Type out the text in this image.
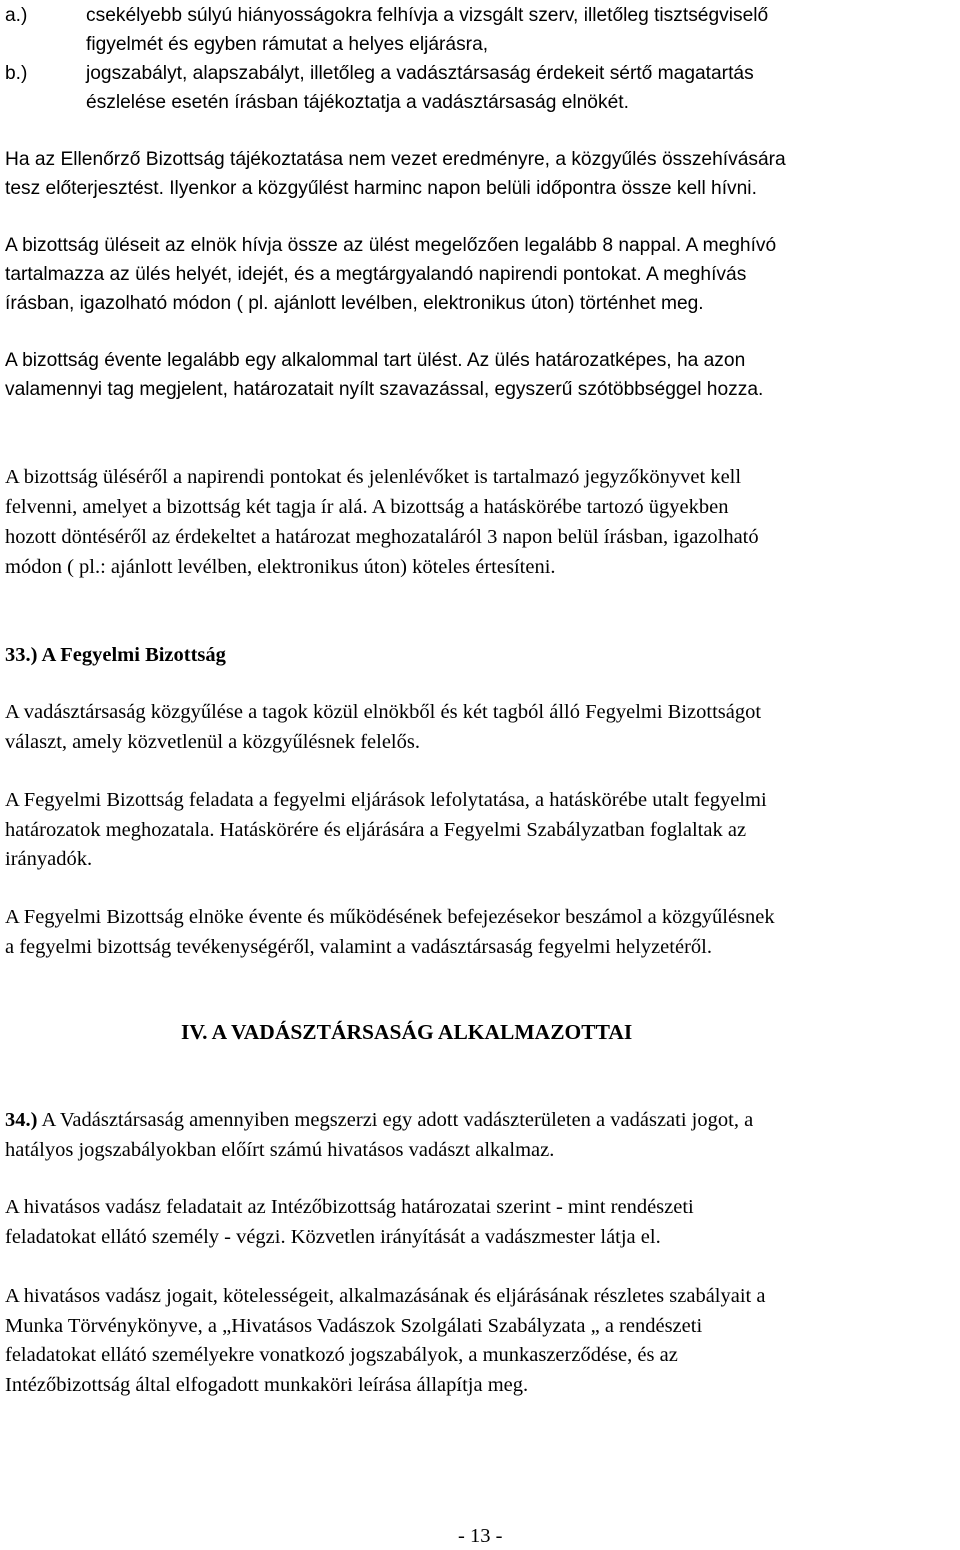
a.)	csekélyebb súlyú hiányosságokra felhívja a vizsgált szerv, illetőleg tisztségviselő
figyelmét és egyben rámutat a helyes eljárásra,
b.)	jogszabályt, alapszabályt, illetőleg a vadásztársaság érdekeit sértő magatartás
észlelése esetén írásban tájékoztatja a vadásztársaság elnökét.
Ha az Ellenőrző Bizottság tájékoztatása nem vezet eredményre, a közgyűlés összehívására
tesz előterjesztést. Ilyenkor a közgyűlést harminc napon belüli időpontra össze kell hívni.
A bizottság üléseit az elnök hívja össze az ülést megelőzően legalább 8 nappal. A meghívó
tartalmazza az ülés helyét, idejét, és a megtárgyalandó napirendi pontokat. A meghívás
írásban, igazolható módon ( pl. ajánlott levélben, elektronikus úton) történhet meg.
A bizottság évente legalább egy alkalommal tart ülést. Az ülés határozatképes, ha azon
valamennyi tag megjelent, határozatait nyílt szavazással, egyszerű szótöbbséggel hozza.
A bizottság üléséről a napirendi pontokat és jelenlévőket is tartalmazó jegyzőkönyvet kell
felvenni, amelyet a bizottság két tagja ír alá. A bizottság a hatáskörébe tartozó ügyekben
hozott döntéséről az érdekeltet a határozat meghozataláról 3 napon belül írásban, igazolható
módon ( pl.: ajánlott levélben, elektronikus úton) köteles értesíteni.
33.) A Fegyelmi Bizottság
A vadásztársaság közgyűlése a tagok közül elnökből és két tagból álló Fegyelmi Bizottságot
választ, amely közvetlenül a közgyűlésnek felelős.
A Fegyelmi Bizottság feladata a fegyelmi eljárások lefolytatása, a hatáskörébe utalt fegyelmi
határozatok meghozatala. Hatáskörére és eljárására a Fegyelmi Szabályzatban foglaltak az
irányadók.
A Fegyelmi Bizottság elnöke évente és működésének befejezésekor beszámol a közgyűlésnek
a fegyelmi bizottság tevékenységéről, valamint a vadásztársaság fegyelmi helyzetéről.
IV. A VADÁSZTÁRSASÁG ALKALMAZOTTAI
34.) A Vadásztársaság amennyiben megszerzi egy adott vadászterületen a vadászati jogot, a
hatályos jogszabályokban előírt számú hivatásos vadászt alkalmaz.
A hivatásos vadász feladatait az Intézőbizottság határozatai szerint - mint rendészeti
feladatokat ellátó személy - végzi. Közvetlen irányítását a vadászmester látja el.
A hivatásos vadász jogait, kötelességeit, alkalmazásának és eljárásának részletes szabályait a
Munka Törvénykönyve, a „Hivatásos Vadászok Szolgálati Szabályzata „ a rendészeti
feladatokat ellátó személyekre vonatkozó jogszabályok, a munkaszerződése, és az
Intézőbizottság által elfogadott munkaköri leírása állapítja meg.
- 13 -
